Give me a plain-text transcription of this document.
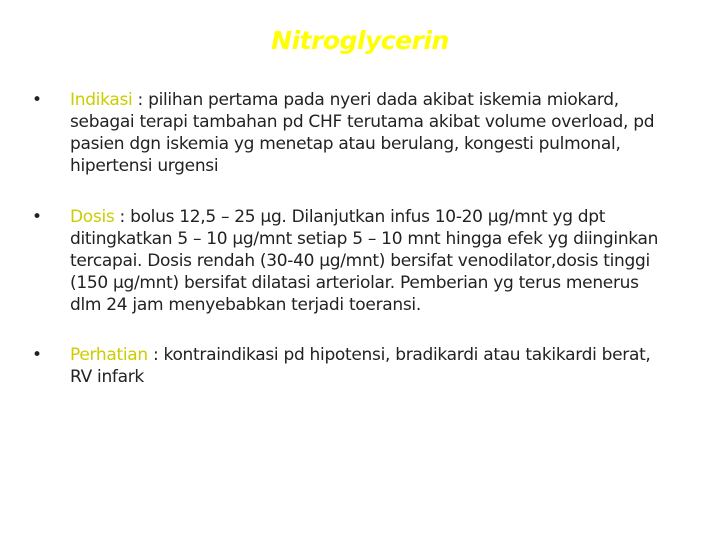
Nitroglycerin
• Indikasi : pilihan pertama pada nyeri dada akibat iskemia miokard, sebagai terapi tambahan pd CHF terutama akibat volume overload, pd pasien dgn iskemia yg menetap atau berulang, kongesti pulmonal, hipertensi urgensi
• Dosis : bolus 12,5 – 25 µg. Dilanjutkan infus 10-20 µg/mnt yg dpt ditingkatkan 5 – 10 µg/mnt setiap 5 – 10 mnt hingga efek yg diinginkan tercapai. Dosis rendah (30-40 µg/mnt) bersifat venodilator,dosis tinggi (150 µg/mnt) bersifat dilatasi arteriolar. Pemberian yg terus menerus dlm 24 jam menyebabkan terjadi toeransi.
• Perhatian : kontraindikasi pd hipotensi, bradikardi atau takikardi berat, RV infark
